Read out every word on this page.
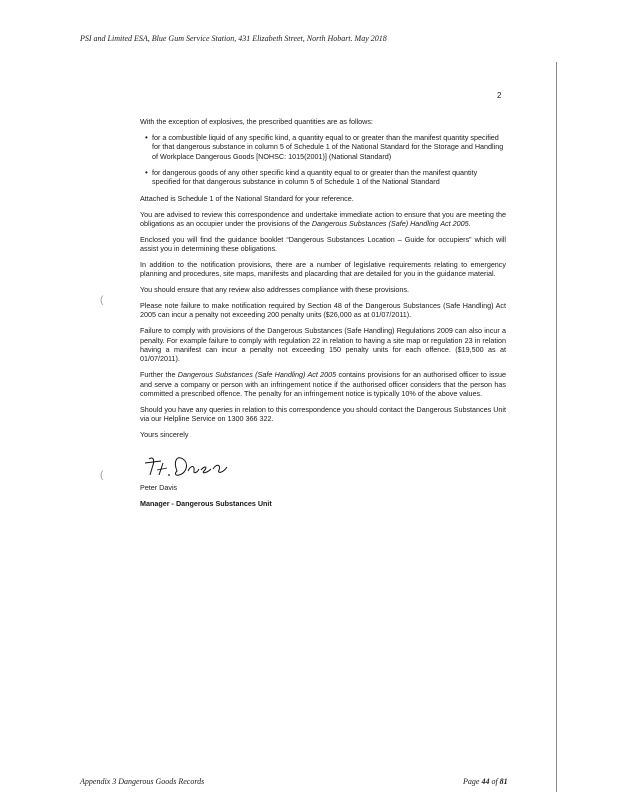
PSI and Limited ESA, Blue Gum Service Station, 431 Elizabeth Street, North Hobart. May 2018
(
(
2

With the exception of explosives, the prescribed quantities are as follows:

• for a combustible liquid of any specific kind, a quantity equal to or greater than the manifest quantity specified for that dangerous substance in column 5 of Schedule 1 of the National Standard for the Storage and Handling of Workplace Dangerous Goods [NOHSC: 1015(2001)] (National Standard)
• for dangerous goods of any other specific kind a quantity equal to or greater than the manifest quantity specified for that dangerous substance in column 5 of Schedule 1 of the National Standard

Attached is Schedule 1 of the National Standard for your reference.

You are advised to review this correspondence and undertake immediate action to ensure that you are meeting the obligations as an occupier under the provisions of the Dangerous Substances (Safe) Handling Act 2005.

Enclosed you will find the guidance booklet “Dangerous Substances Location – Guide for occupiers” which will assist you in determining these obligations.

In addition to the notification provisions, there are a number of legislative requirements relating to emergency planning and procedures, site maps, manifests and placarding that are detailed for you in the guidance material.

You should ensure that any review also addresses compliance with these provisions.

Please note failure to make notification required by Section 48 of the Dangerous Substances (Safe Handling) Act 2005 can incur a penalty not exceeding 200 penalty units ($26,000 as at 01/07/2011).

Failure to comply with provisions of the Dangerous Substances (Safe Handling) Regulations 2009 can also incur a penalty. For example failure to comply with regulation 22 in relation to having a site map or regulation 23 in relation having a manifest can incur a penalty not exceeding 150 penalty units for each offence. ($19,500 as at 01/07/2011).

Further the Dangerous Substances (Safe Handling) Act 2005 contains provisions for an authorised officer to issue and serve a company or person with an infringement notice if the authorised officer considers that the person has committed a prescribed offence. The penalty for an infringement notice is typically 10% of the above values.

Should you have any queries in relation to this correspondence you should contact the Dangerous Substances Unit via our Helpline Service on 1300 366 322.

Yours sincerely

Peter Davis

Manager - Dangerous Substances Unit

Appendix 3 Dangerous Goods Records	Page 44 of 81
